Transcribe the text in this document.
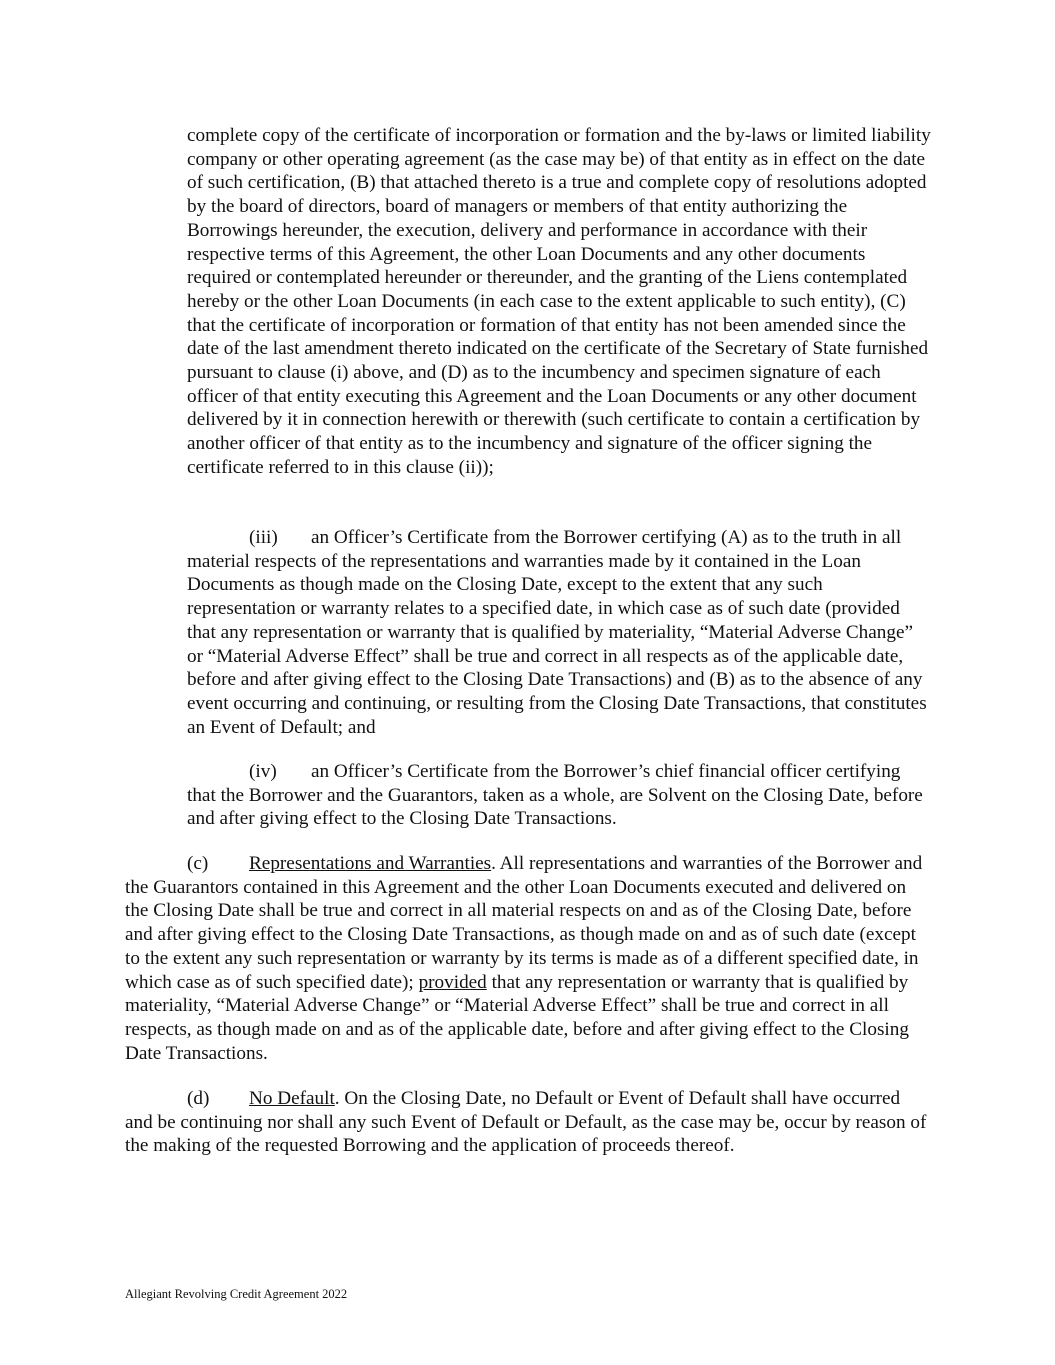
complete copy of the certificate of incorporation or formation and the by-laws or limited liability company or other operating agreement (as the case may be) of that entity as in effect on the date of such certification, (B) that attached thereto is a true and complete copy of resolutions adopted by the board of directors, board of managers or members of that entity authorizing the Borrowings hereunder, the execution, delivery and performance in accordance with their respective terms of this Agreement, the other Loan Documents and any other documents required or contemplated hereunder or thereunder, and the granting of the Liens contemplated hereby or the other Loan Documents (in each case to the extent applicable to such entity), (C) that the certificate of incorporation or formation of that entity has not been amended since the date of the last amendment thereto indicated on the certificate of the Secretary of State furnished pursuant to clause (i) above, and (D) as to the incumbency and specimen signature of each officer of that entity executing this Agreement and the Loan Documents or any other document delivered by it in connection herewith or therewith (such certificate to contain a certification by another officer of that entity as to the incumbency and signature of the officer signing the certificate referred to in this clause (ii));

(iii) an Officer’s Certificate from the Borrower certifying (A) as to the truth in all material respects of the representations and warranties made by it contained in the Loan Documents as though made on the Closing Date, except to the extent that any such representation or warranty relates to a specified date, in which case as of such date (provided that any representation or warranty that is qualified by materiality, “Material Adverse Change” or “Material Adverse Effect” shall be true and correct in all respects as of the applicable date, before and after giving effect to the Closing Date Transactions) and (B) as to the absence of any event occurring and continuing, or resulting from the Closing Date Transactions, that constitutes an Event of Default; and

(iv) an Officer’s Certificate from the Borrower’s chief financial officer certifying that the Borrower and the Guarantors, taken as a whole, are Solvent on the Closing Date, before and after giving effect to the Closing Date Transactions.

(c) Representations and Warranties. All representations and warranties of the Borrower and the Guarantors contained in this Agreement and the other Loan Documents executed and delivered on the Closing Date shall be true and correct in all material respects on and as of the Closing Date, before and after giving effect to the Closing Date Transactions, as though made on and as of such date (except to the extent any such representation or warranty by its terms is made as of a different specified date, in which case as of such specified date); provided that any representation or warranty that is qualified by materiality, “Material Adverse Change” or “Material Adverse Effect” shall be true and correct in all respects, as though made on and as of the applicable date, before and after giving effect to the Closing Date Transactions.

(d) No Default. On the Closing Date, no Default or Event of Default shall have occurred and be continuing nor shall any such Event of Default or Default, as the case may be, occur by reason of the making of the requested Borrowing and the application of proceeds thereof.

Allegiant Revolving Credit Agreement 2022
